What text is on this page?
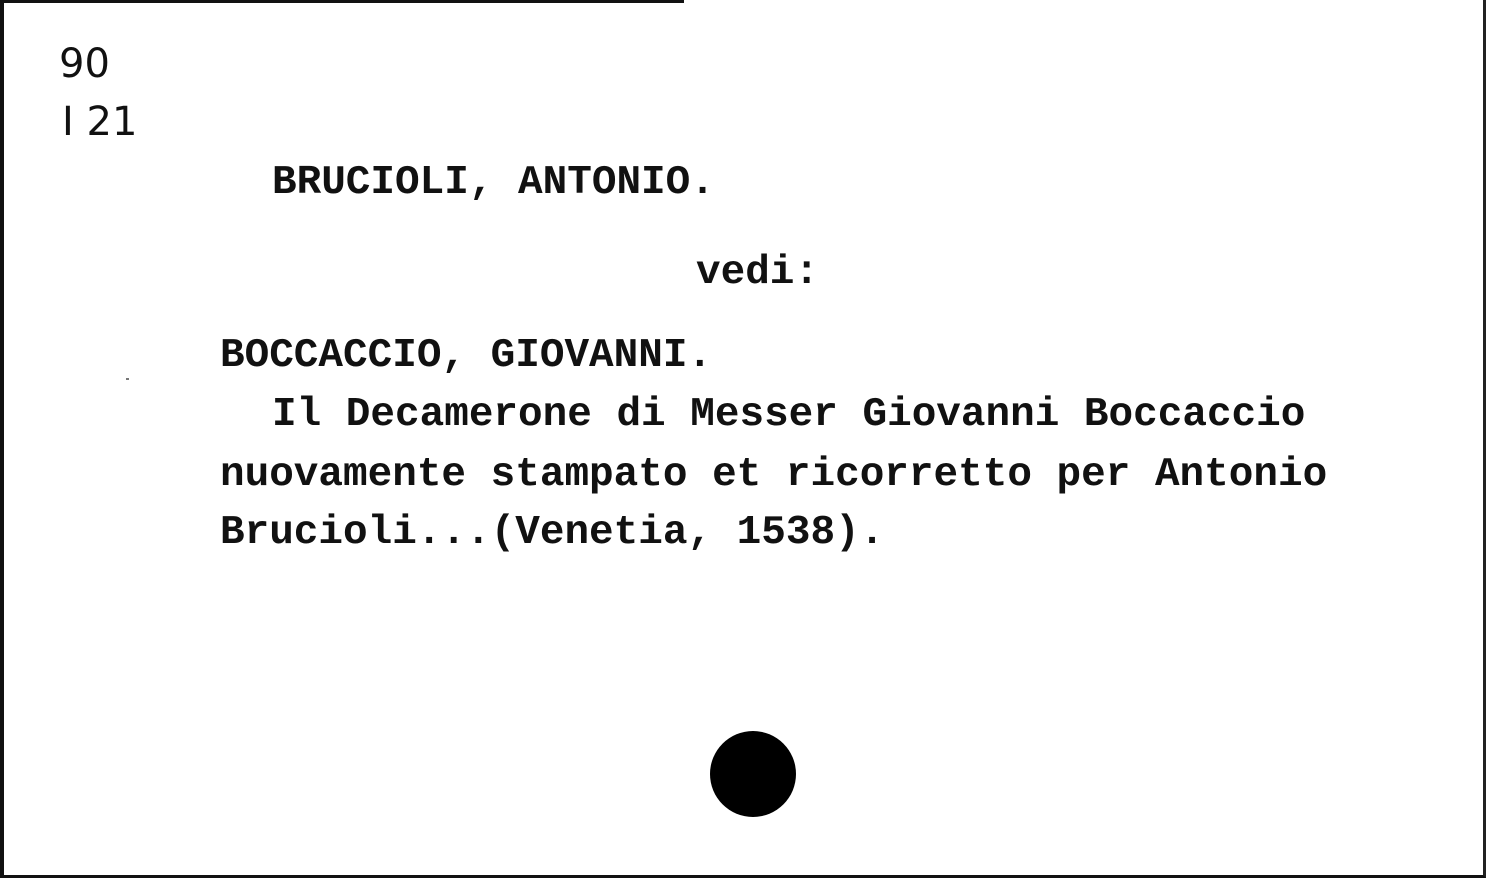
90
I 21
BRUCIOLI, ANTONIO.
vedi:
BOCCACCIO, GIOVANNI.
Il Decamerone di Messer Giovanni Boccaccio
nuovamente stampato et ricorretto per Antonio
Brucioli...(Venetia, 1538).
